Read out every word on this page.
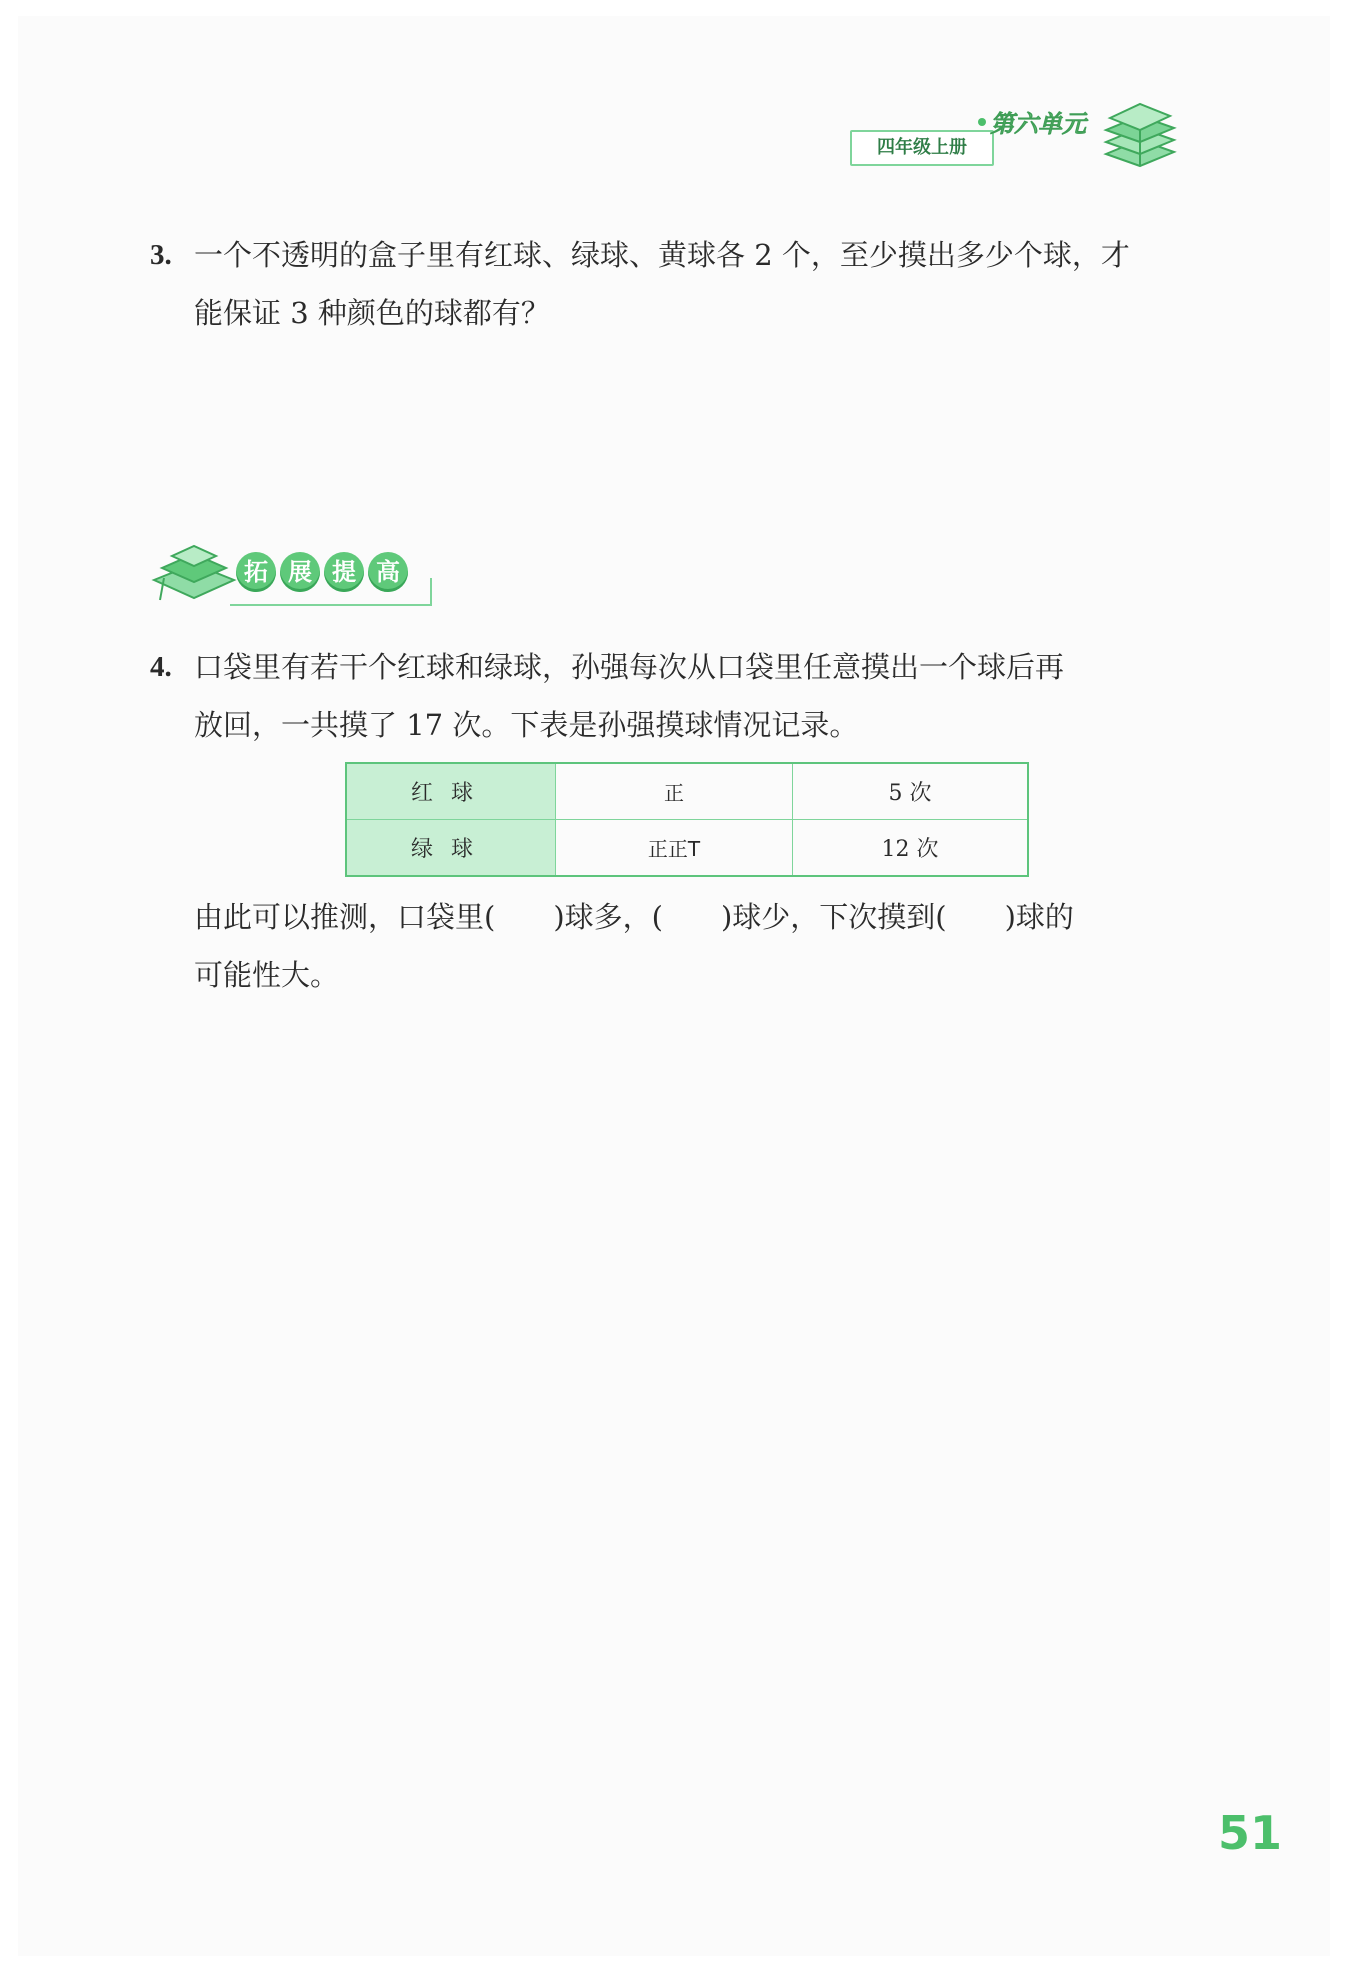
四年级上册
第六单元
3. 一个不透明的盒子里有红球、绿球、黄球各 2 个，至少摸出多少个球，才
能保证 3 种颜色的球都有？
拓 展 提 高
4. 口袋里有若干个红球和绿球，孙强每次从口袋里任意摸出一个球后再
放回，一共摸了 17 次。下表是孙强摸球情况记录。
红球	正	5 次
绿球	正正T	12 次
由此可以推测，口袋里(　　)球多，(　　)球少，下次摸到(　　)球的
可能性大。
51
